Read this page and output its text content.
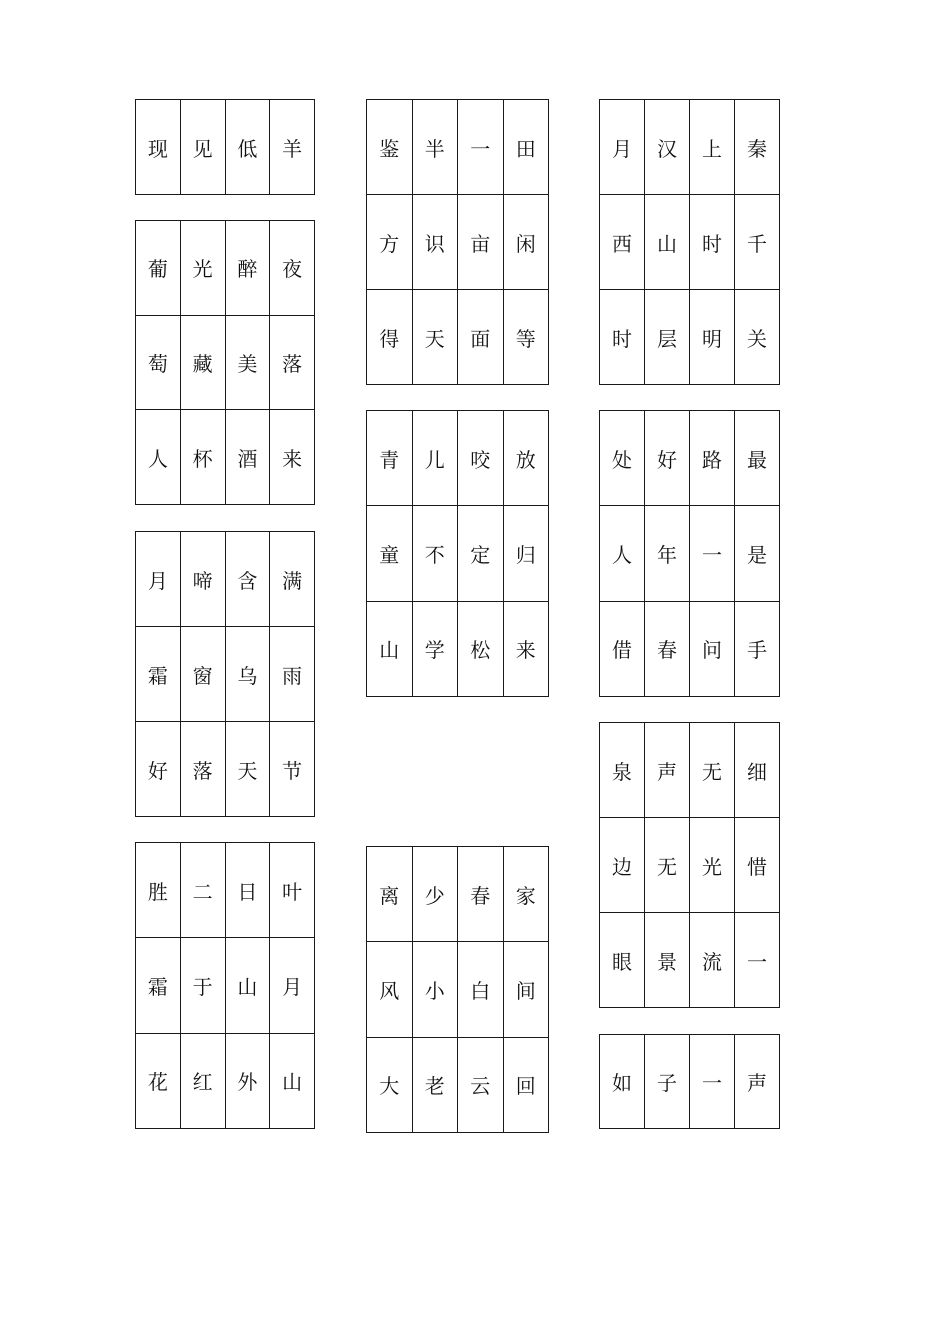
现	见	低	羊
葡	光	醉	夜
萄	藏	美	落
人	杯	酒	来
月	啼	含	满
霜	窗	乌	雨
好	落	天	节
胜	二	日	叶
霜	于	山	月
花	红	外	山
鉴	半	一	田
方	识	亩	闲
得	天	面	等
青	儿	咬	放
童	不	定	归
山	学	松	来
离	少	春	家
风	小	白	间
大	老	云	回
月	汉	上	秦
西	山	时	千
时	层	明	关
处	好	路	最
人	年	一	是
借	春	问	手
泉	声	无	细
边	无	光	惜
眼	景	流	一
如	子	一	声
